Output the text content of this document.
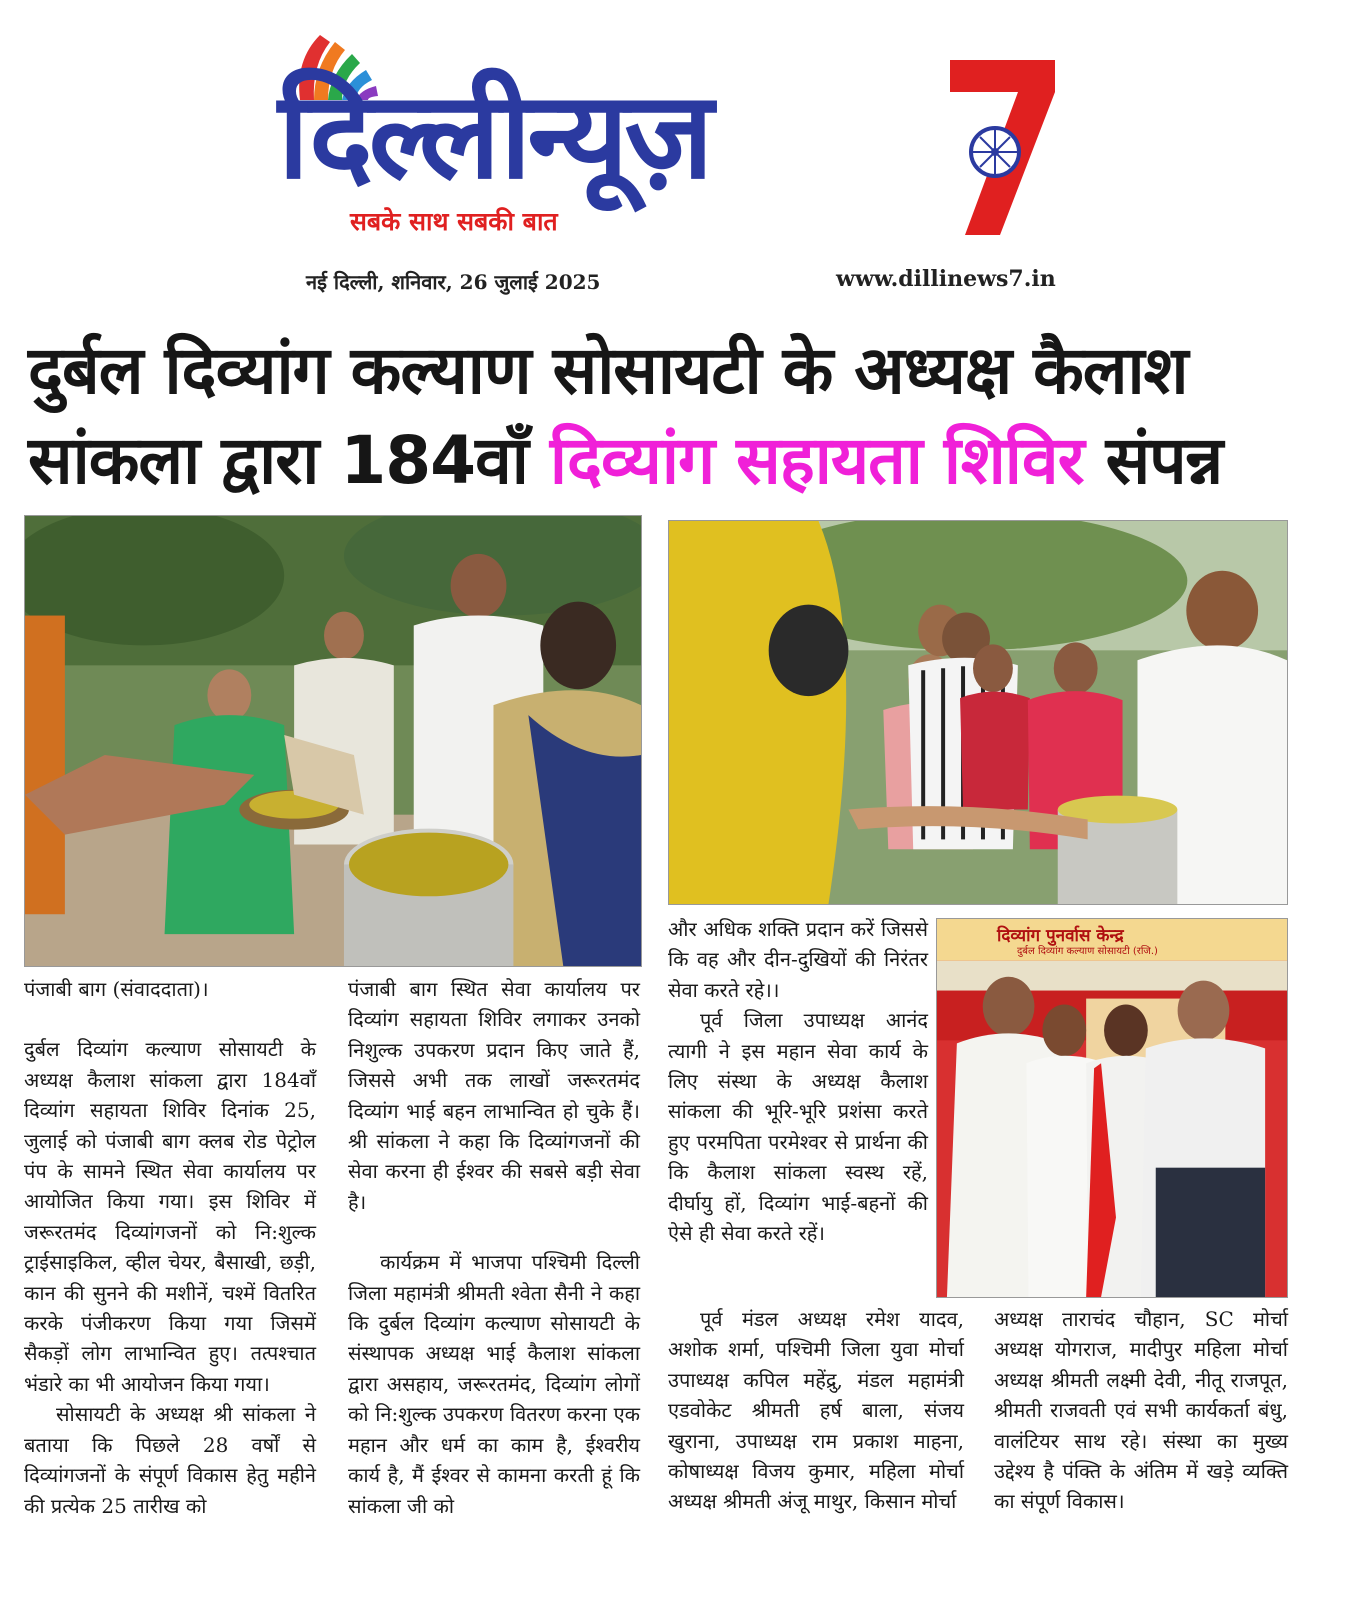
दिल्लीन्यूज़
सबके साथ सबकी बात
नई दिल्ली, शनिवार, 26 जुलाई 2025	www.dillinews7.in
दुर्बल दिव्यांग कल्याण सोसायटी के अध्यक्ष कैलाश
सांकला द्वारा 184वाँ दिव्यांग सहायता शिविर संपन्न
दिव्यांग पुनर्वास केन्द्र
दुर्बल दिव्यांग कल्याण सोसायटी (रजि.)

पंजाबी बाग (संवाददाता)।

दुर्बल दिव्यांग कल्याण सोसायटी के अध्यक्ष कैलाश सांकला द्वारा 184वाँ दिव्यांग सहायता शिविर दिनांक 25, जुलाई को पंजाबी बाग क्लब रोड पेट्रोल पंप के सामने स्थित सेवा कार्यालय पर आयोजित किया गया। इस शिविर में जरूरतमंद दिव्यांगजनों को नि:शुल्क ट्राईसाइकिल, व्हील चेयर, बैसाखी, छड़ी, कान की सुनने की मशीनें, चश्में वितरित करके पंजीकरण किया गया जिसमें सैकड़ों लोग लाभान्वित हुए। तत्पश्चात भंडारे का भी आयोजन किया गया।

सोसायटी के अध्यक्ष श्री सांकला ने बताया कि पिछले 28 वर्षों से दिव्यांगजनों के संपूर्ण विकास हेतु महीने की प्रत्येक 25 तारीख को

पंजाबी बाग स्थित सेवा कार्यालय पर दिव्यांग सहायता शिविर लगाकर उनको निशुल्क उपकरण प्रदान किए जाते हैं, जिससे अभी तक लाखों जरूरतमंद दिव्यांग भाई बहन लाभान्वित हो चुके हैं। श्री सांकला ने कहा कि दिव्यांगजनों की सेवा करना ही ईश्वर की सबसे बड़ी सेवा है।

कार्यक्रम में भाजपा पश्चिमी दिल्ली जिला महामंत्री श्रीमती श्वेता सैनी ने कहा कि दुर्बल दिव्यांग कल्याण सोसायटी के संस्थापक अध्यक्ष भाई कैलाश सांकला द्वारा असहाय, जरूरतमंद, दिव्यांग लोगों को नि:शुल्क उपकरण वितरण करना एक महान और धर्म का काम है, ईश्वरीय कार्य है, मैं ईश्वर से कामना करती हूं कि सांकला जी को

और अधिक शक्ति प्रदान करें जिससे कि वह और दीन-दुखियों की निरंतर सेवा करते रहे।।

पूर्व जिला उपाध्यक्ष आनंद त्यागी ने इस महान सेवा कार्य के लिए संस्था के अध्यक्ष कैलाश सांकला की भूरि-भूरि प्रशंसा करते हुए परमपिता परमेश्वर से प्रार्थना की कि कैलाश सांकला स्वस्थ रहें, दीर्घायु हों, दिव्यांग भाई-बहनों की ऐसे ही सेवा करते रहें।

पूर्व मंडल अध्यक्ष रमेश यादव, अशोक शर्मा, पश्चिमी जिला युवा मोर्चा उपाध्यक्ष कपिल महेंद्रु, मंडल महामंत्री एडवोकेट श्रीमती हर्ष बाला, संजय खुराना, उपाध्यक्ष राम प्रकाश माहना, कोषाध्यक्ष विजय कुमार, महिला मोर्चा अध्यक्ष श्रीमती अंजू माथुर, किसान मोर्चा

अध्यक्ष ताराचंद चौहान, SC मोर्चा अध्यक्ष योगराज, मादीपुर महिला मोर्चा अध्यक्ष श्रीमती लक्ष्मी देवी, नीतू राजपूत, श्रीमती राजवती एवं सभी कार्यकर्ता बंधु, वालंटियर साथ रहे। संस्था का मुख्य उद्देश्य है पंक्ति के अंतिम में खड़े व्यक्ति का संपूर्ण विकास।
